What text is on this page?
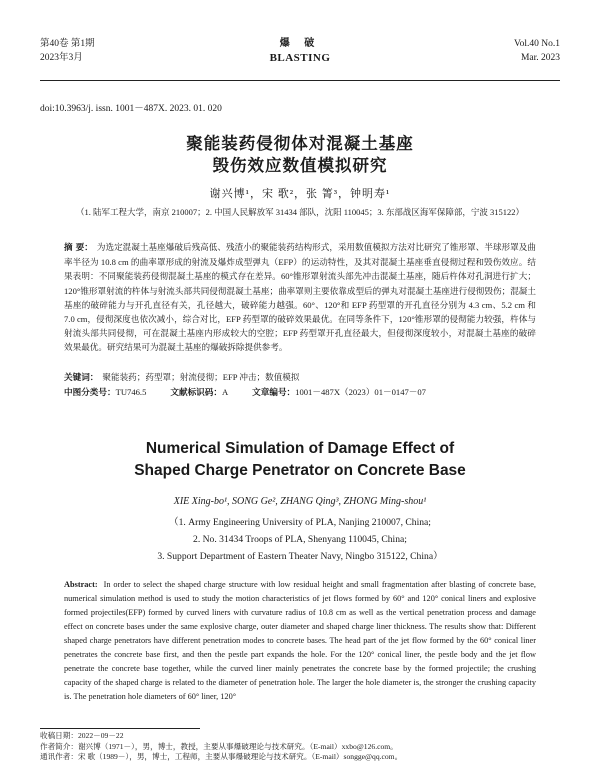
第40卷 第1期
2023年3月
爆 破
BLASTING
Vol.40 No.1
Mar. 2023
doi:10.3963/j. issn. 1001－487X. 2023. 01. 020
聚能装药侵彻体对混凝土基座
毁伤效应数值模拟研究
谢兴博¹，宋 歌²，张 箐³，钟明寿¹
（1. 陆军工程大学，南京 210007；2. 中国人民解放军 31434 部队，沈阳 110045；3. 东部战区海军保障部，宁波 315122）
摘 要： 为选定混凝土基座爆破后残高低、残渣小的聚能装药结构形式，采用数值模拟方法对比研究了锥形罩、半球形罩及曲率半径为 10.8 cm 的曲率罩形成的射流及爆炸成型弹丸（EFP）的运动特性，及其对混凝土基座垂直侵彻过程和毁伤效应。结果表明：不同聚能装药侵彻混凝土基座的模式存在差异。60°锥形罩射流头部先冲击混凝土基座，随后杵体对孔洞进行扩大；120°锥形罩射流的杵体与射流头部共同侵彻混凝土基座；曲率罩则主要依靠成型后的弹丸对混凝土基座进行侵彻毁伤；混凝土基座的破碎能力与开孔直径有关，孔径越大，破碎能力越强。60°、120°和 EFP 药型罩的开孔直径分别为 4.3 cm、5.2 cm 和 7.0 cm，侵彻深度也依次减小，综合对比，EFP 药型罩的破碎效果最优。在同等条件下，120°锥形罩的侵彻能力较强，杵体与射流头部共同侵彻，可在混凝土基座内形成较大的空腔；EFP 药型罩开孔直径最大，但侵彻深度较小，对混凝土基座的破碎效果最优。研究结果可为混凝土基座的爆破拆除提供参考。
关键词： 聚能装药；药型罩；射流侵彻；EFP 冲击；数值模拟
中图分类号：TU746.5	文献标识码：A	文章编号：1001－487X（2023）01－0147－07
Numerical Simulation of Damage Effect of
Shaped Charge Penetrator on Concrete Base
XIE Xing-bo¹, SONG Ge², ZHANG Qing³, ZHONG Ming-shou¹
（1. Army Engineering University of PLA, Nanjing 210007, China;
2. No. 31434 Troops of PLA, Shenyang 110045, China;
3. Support Department of Eastern Theater Navy, Ningbo 315122, China）
Abstract: In order to select the shaped charge structure with low residual height and small fragmentation after blasting of concrete base, numerical simulation method is used to study the motion characteristics of jet flows formed by 60° and 120° conical liners and explosive formed projectiles(EFP) formed by curved liners with curvature radius of 10.8 cm as well as the vertical penetration process and damage effect on concrete bases under the same explosive charge, outer diameter and shaped charge liner thickness. The results show that: Different shaped charge penetrators have different penetration modes to concrete bases. The head part of the jet flow formed by the 60° conical liner penetrates the concrete base first, and then the pestle part expands the hole. For the 120° conical liner, the pestle body and the jet flow penetrate the concrete base together, while the curved liner mainly penetrates the concrete base by the formed projectile; the crushing capacity of the shaped charge is related to the diameter of penetration hole. The larger the hole diameter is, the stronger the crushing capacity is. The penetration hole diameters of 60° liner, 120°
收稿日期：2022－09－22
作者简介：谢兴博（1971－），男，博士，教授，主要从事爆破理论与技术研究。（E-mail）xxbo@126.com。
通讯作者：宋 歌（1989－），男，博士，工程师，主要从事爆破理论与技术研究。（E-mail）songge@qq.com。
